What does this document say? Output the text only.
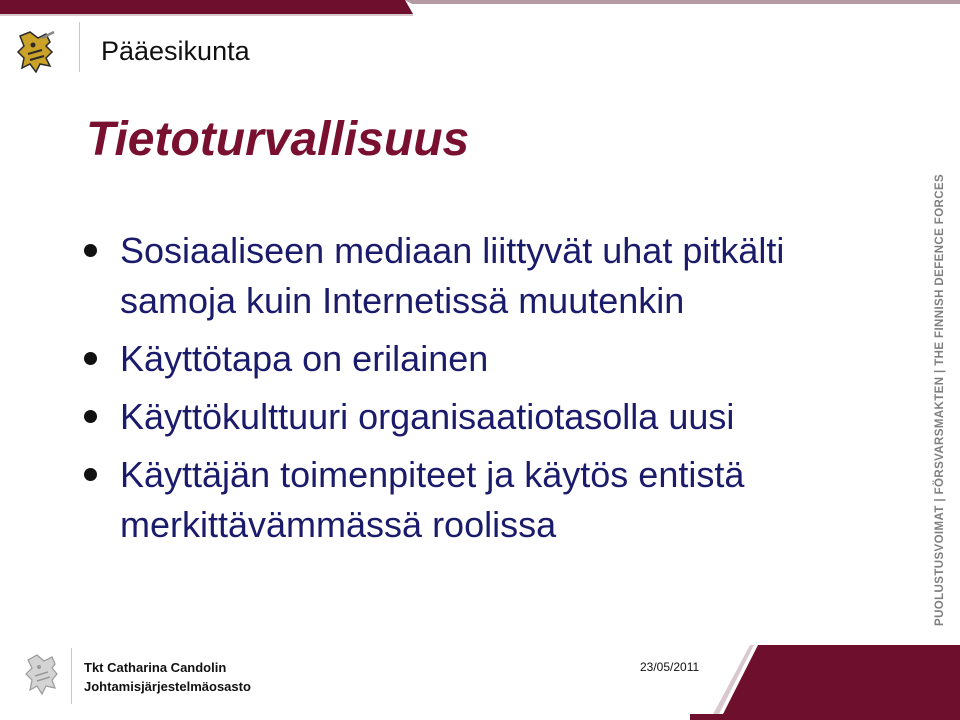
Pääesikunta
Tietoturvallisuus
Sosiaaliseen mediaan liittyvät uhat pitkälti samoja kuin Internetissä muutenkin
Käyttötapa on erilainen
Käyttökulttuuri organisaatiotasolla uusi
Käyttäjän toimenpiteet ja käytös entistä merkittävämmässä roolissa	PUOLUSTUSVOIMAT | FÖRSVARSMAKTEN | THE FINNISH DEFENCE FORCES
Tkt Catharina Candolin
Johtamisjärjestelmäosasto
23/05/2011
